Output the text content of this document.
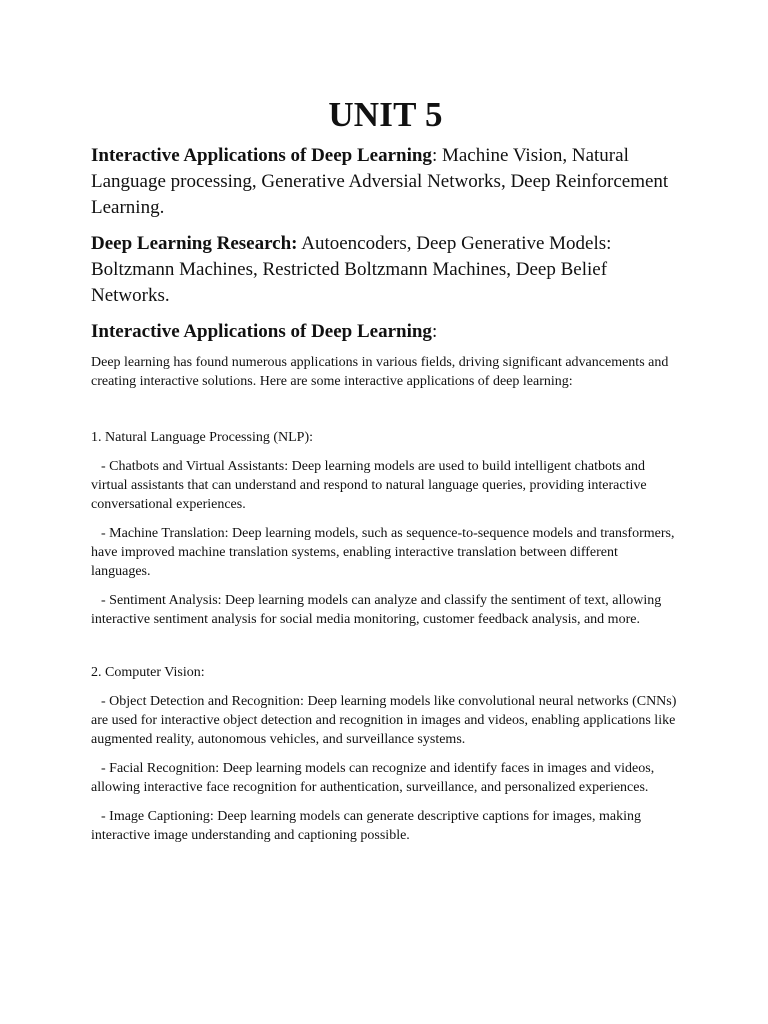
UNIT 5

Interactive Applications of Deep Learning: Machine Vision, Natural Language processing, Generative Adversial Networks, Deep Reinforcement Learning.

Deep Learning Research: Autoencoders, Deep Generative Models: Boltzmann Machines, Restricted Boltzmann Machines, Deep Belief Networks.

Interactive Applications of Deep Learning:

Deep learning has found numerous applications in various fields, driving significant advancements and creating interactive solutions. Here are some interactive applications of deep learning:

1. Natural Language Processing (NLP):

- Chatbots and Virtual Assistants: Deep learning models are used to build intelligent chatbots and virtual assistants that can understand and respond to natural language queries, providing interactive conversational experiences.

- Machine Translation: Deep learning models, such as sequence-to-sequence models and transformers, have improved machine translation systems, enabling interactive translation between different languages.

- Sentiment Analysis: Deep learning models can analyze and classify the sentiment of text, allowing interactive sentiment analysis for social media monitoring, customer feedback analysis, and more.

2. Computer Vision:

- Object Detection and Recognition: Deep learning models like convolutional neural networks (CNNs) are used for interactive object detection and recognition in images and videos, enabling applications like augmented reality, autonomous vehicles, and surveillance systems.

- Facial Recognition: Deep learning models can recognize and identify faces in images and videos, allowing interactive face recognition for authentication, surveillance, and personalized experiences.

- Image Captioning: Deep learning models can generate descriptive captions for images, making interactive image understanding and captioning possible.
